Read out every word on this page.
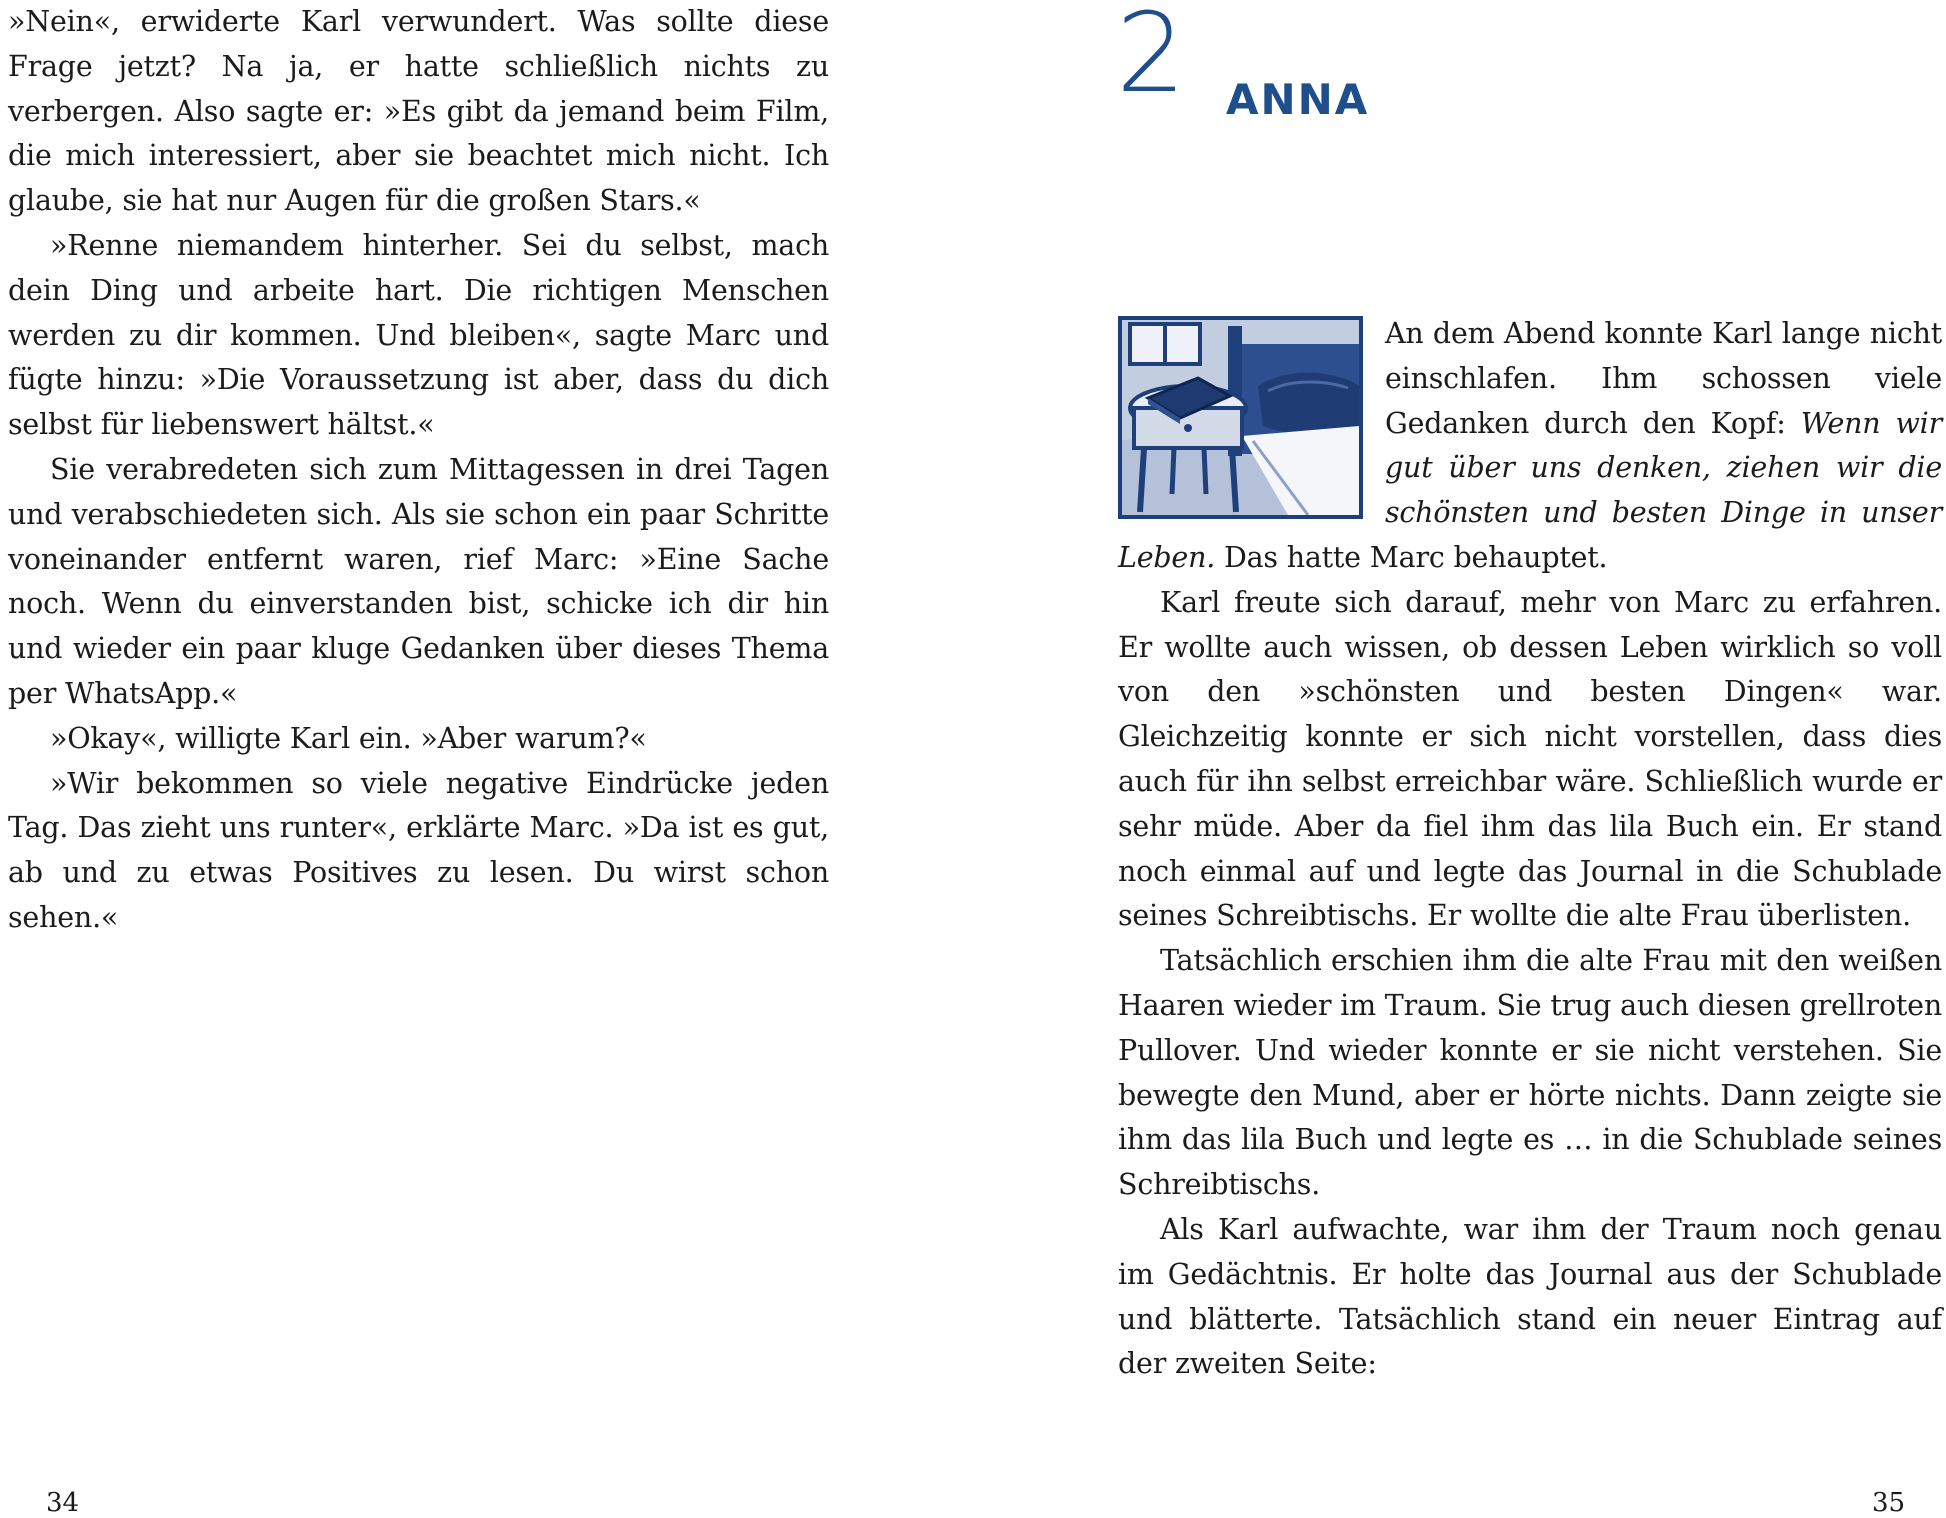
»Nein«, erwiderte Karl verwundert. Was sollte diese Frage jetzt? Na ja, er hatte schließlich nichts zu verbergen. Also sagte er: »Es gibt da jemand beim Film, die mich interessiert, aber sie beachtet mich nicht. Ich glaube, sie hat nur Augen für die großen Stars.«

»Renne niemandem hinterher. Sei du selbst, mach dein Ding und arbeite hart. Die richtigen Menschen werden zu dir kommen. Und bleiben«, sagte Marc und fügte hinzu: »Die Voraussetzung ist aber, dass du dich selbst für liebenswert hältst.«

Sie verabredeten sich zum Mittagessen in drei Tagen und verabschiedeten sich. Als sie schon ein paar Schritte voneinander entfernt waren, rief Marc: »Eine Sache noch. Wenn du einverstanden bist, schicke ich dir hin und wieder ein paar kluge Gedanken über dieses Thema per WhatsApp.«

»Okay«, willigte Karl ein. »Aber warum?«

»Wir bekommen so viele negative Eindrücke jeden Tag. Das zieht uns runter«, erklärte Marc. »Da ist es gut, ab und zu etwas Positives zu lesen. Du wirst schon sehen.«

34
2 ANNA

An dem Abend konnte Karl lange nicht einschlafen. Ihm schossen viele Gedanken durch den Kopf: Wenn wir gut über uns denken, ziehen wir die schönsten und besten Dinge in unser Leben. Das hatte Marc behauptet.

Karl freute sich darauf, mehr von Marc zu erfahren. Er wollte auch wissen, ob dessen Leben wirklich so voll von den »schönsten und besten Dingen« war. Gleichzeitig konnte er sich nicht vorstellen, dass dies auch für ihn selbst erreichbar wäre. Schließlich wurde er sehr müde. Aber da fiel ihm das lila Buch ein. Er stand noch einmal auf und legte das Journal in die Schublade seines Schreibtischs. Er wollte die alte Frau überlisten.

Tatsächlich erschien ihm die alte Frau mit den weißen Haaren wieder im Traum. Sie trug auch diesen grellroten Pullover. Und wieder konnte er sie nicht verstehen. Sie bewegte den Mund, aber er hörte nichts. Dann zeigte sie ihm das lila Buch und legte es … in die Schublade seines Schreibtischs.

Als Karl aufwachte, war ihm der Traum noch genau im Gedächtnis. Er holte das Journal aus der Schublade und blätterte. Tatsächlich stand ein neuer Eintrag auf der zweiten Seite:

35
